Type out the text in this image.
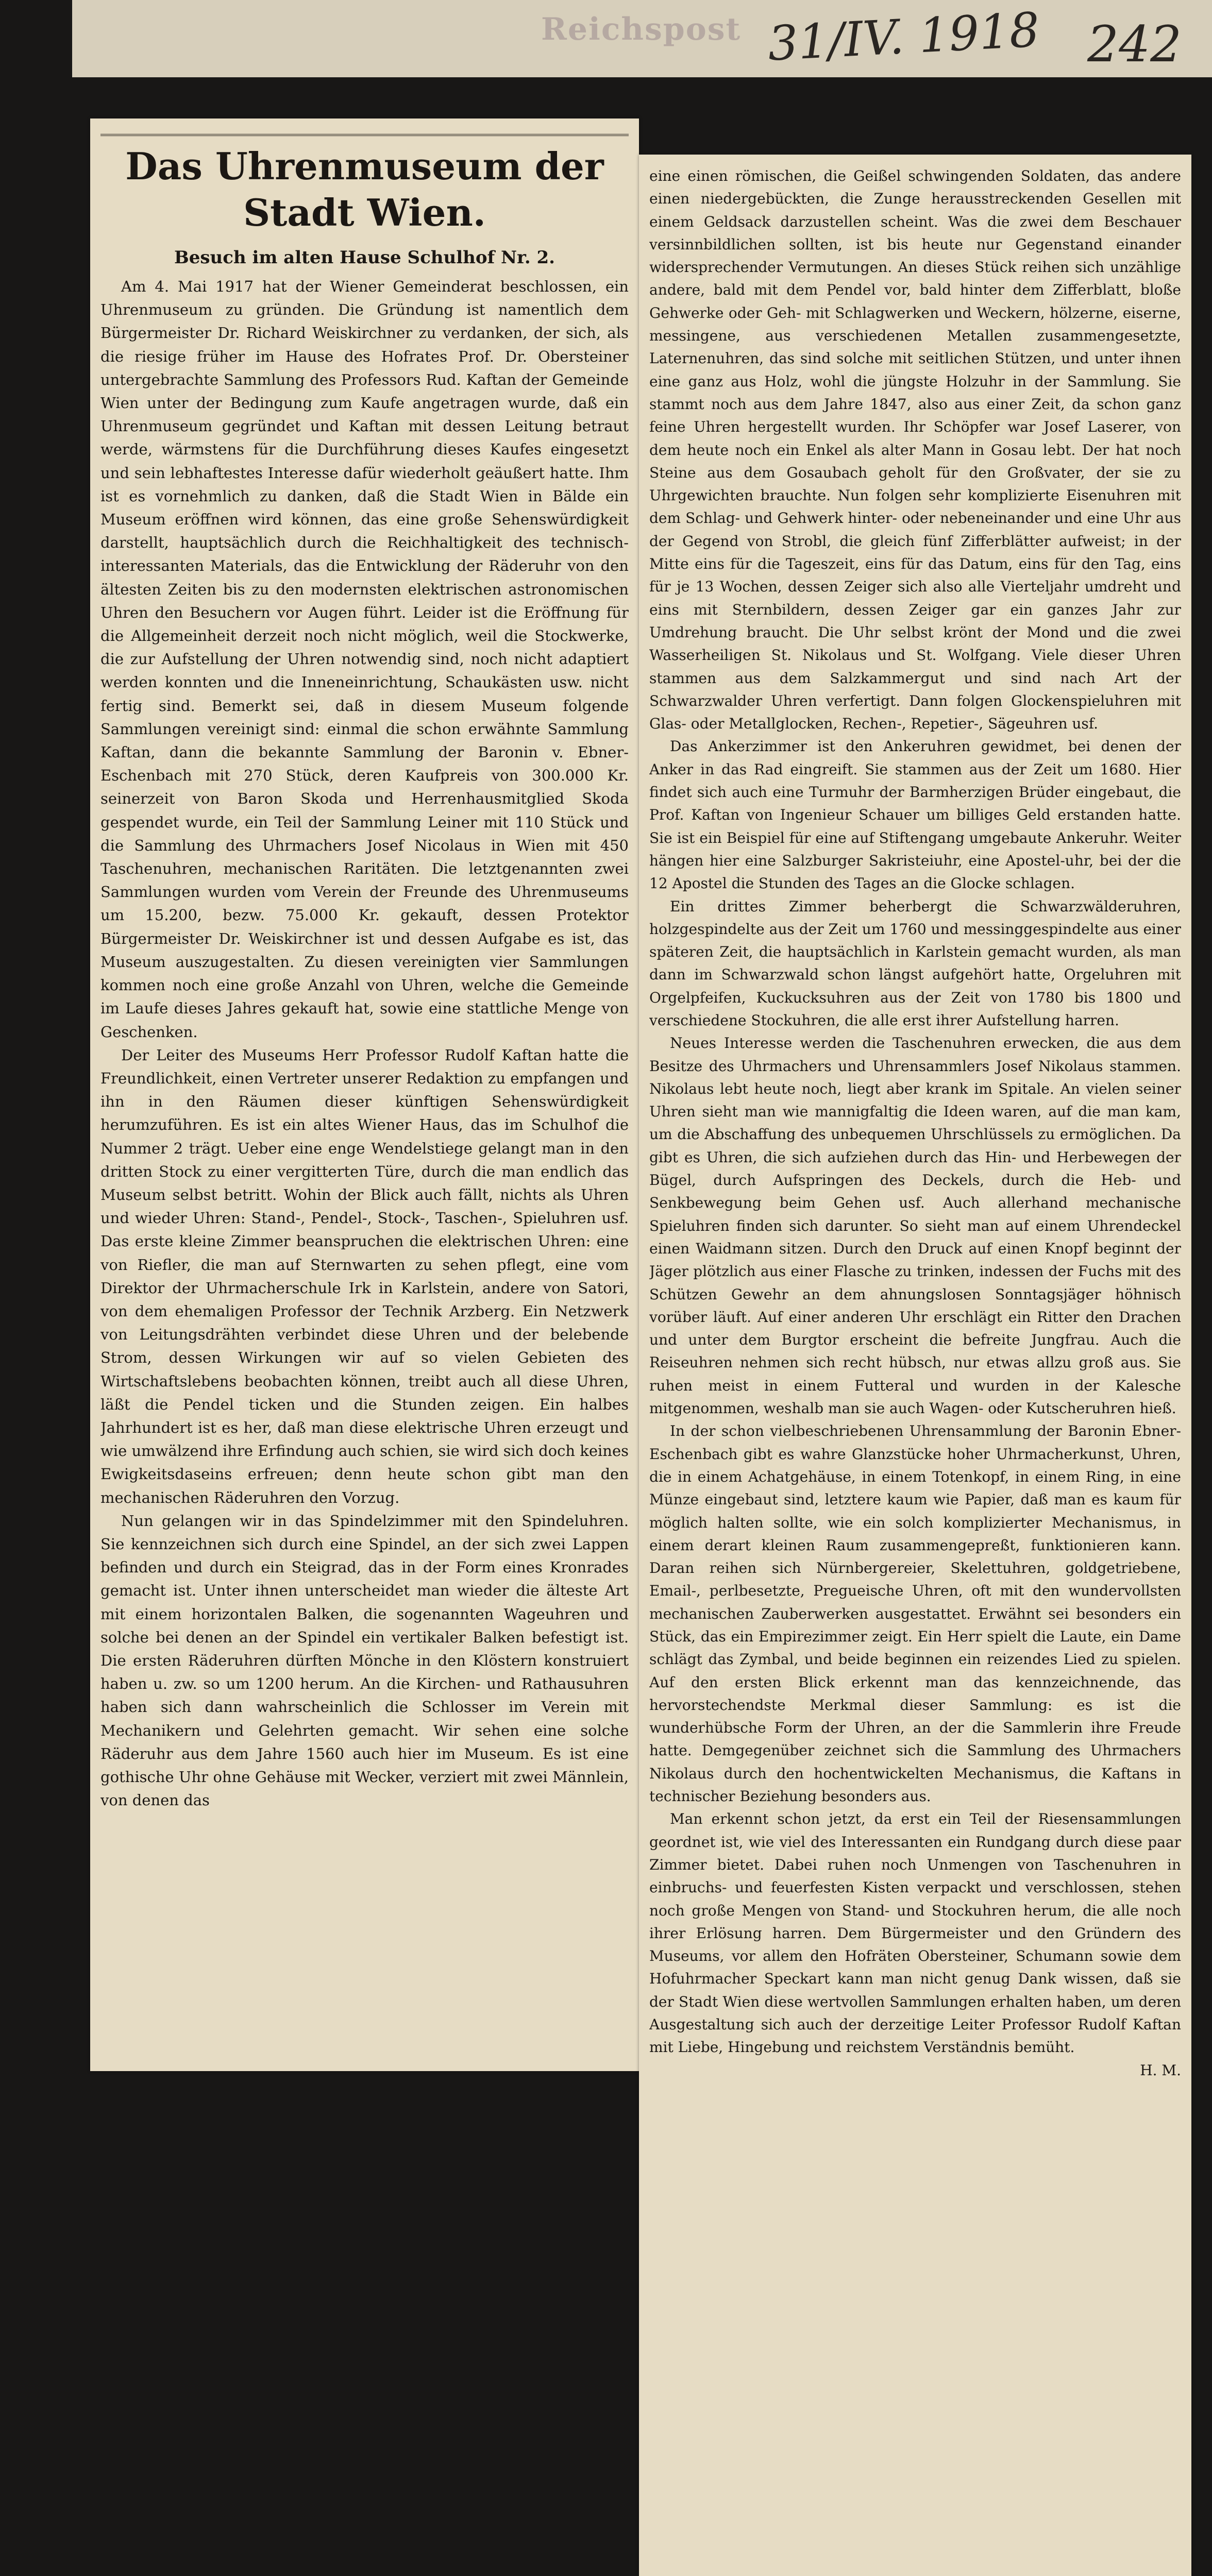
Reichspost 31/IV. 1918 242
Das Uhrenmuseum der Stadt Wien.
Besuch im alten Hause Schulhof Nr. 2.

Am 4. Mai 1917 hat der Wiener Gemeinderat beschlossen, ein Uhrenmuseum zu gründen. Die Gründung ist namentlich dem Bürgermeister Dr. Richard Weiskirchner zu verdanken, der sich, als die riesige früher im Hause des Hofrates Prof. Dr. Obersteiner untergebrachte Sammlung des Professors Rud. Kaftan der Gemeinde Wien unter der Bedingung zum Kaufe angetragen wurde, daß ein Uhrenmuseum gegründet und Kaftan mit dessen Leitung betraut werde, wärmstens für die Durchführung dieses Kaufes eingesetzt und sein lebhaftestes Interesse dafür wiederholt geäußert hatte. Ihm ist es vornehmlich zu danken, daß die Stadt Wien in Bälde ein Museum eröffnen wird können, das eine große Sehenswürdigkeit darstellt, hauptsächlich durch die Reichhaltigkeit des technisch-interessanten Materials, das die Entwicklung der Räderuhr von den ältesten Zeiten bis zu den modernsten elektrischen astronomischen Uhren den Besuchern vor Augen führt. Leider ist die Eröffnung für die Allgemeinheit derzeit noch nicht möglich, weil die Stockwerke, die zur Aufstellung der Uhren notwendig sind, noch nicht adaptiert werden konnten und die Inneneinrichtung, Schaukästen usw. nicht fertig sind. Bemerkt sei, daß in diesem Museum folgende Sammlungen vereinigt sind: einmal die schon erwähnte Sammlung Kaftan, dann die bekannte Sammlung der Baronin v. Ebner-Eschenbach mit 270 Stück, deren Kaufpreis von 300.000 Kr. seinerzeit von Baron Skoda und Herrenhausmitglied Skoda gespendet wurde, ein Teil der Sammlung Leiner mit 110 Stück und die Sammlung des Uhrmachers Josef Nicolaus in Wien mit 450 Taschenuhren, mechanischen Raritäten. Die letztgenannten zwei Sammlungen wurden vom Verein der Freunde des Uhrenmuseums um 15.200, bezw. 75.000 Kr. gekauft, dessen Protektor Bürgermeister Dr. Weiskirchner ist und dessen Aufgabe es ist, das Museum auszugestalten. Zu diesen vereinigten vier Sammlungen kommen noch eine große Anzahl von Uhren, welche die Gemeinde im Laufe dieses Jahres gekauft hat, sowie eine stattliche Menge von Geschenken.

Der Leiter des Museums Herr Professor Rudolf Kaftan hatte die Freundlichkeit, einen Vertreter unserer Redaktion zu empfangen und ihn in den Räumen dieser künftigen Sehenswürdigkeit herumzuführen. Es ist ein altes Wiener Haus, das im Schulhof die Nummer 2 trägt. Ueber eine enge Wendelstiege gelangt man in den dritten Stock zu einer vergitterten Türe, durch die man endlich das Museum selbst betritt. Wohin der Blick auch fällt, nichts als Uhren und wieder Uhren: Stand-, Pendel-, Stock-, Taschen-, Spieluhren usf. Das erste kleine Zimmer beanspruchen die elektrischen Uhren: eine von Riefler, die man auf Sternwarten zu sehen pflegt, eine vom Direktor der Uhrmacherschule Irk in Karlstein, andere von Satori, von dem ehemaligen Professor der Technik Arzberg. Ein Netzwerk von Leitungsdrähten verbindet diese Uhren und der belebende Strom, dessen Wirkungen wir auf so vielen Gebieten des Wirtschaftslebens beobachten können, treibt auch all diese Uhren, läßt die Pendel ticken und die Stunden zeigen. Ein halbes Jahrhundert ist es her, daß man diese elektrische Uhren erzeugt und wie umwälzend ihre Erfindung auch schien, sie wird sich doch keines Ewigkeitsdaseins erfreuen; denn heute schon gibt man den mechanischen Räderuhren den Vorzug.

Nun gelangen wir in das Spindelzimmer mit den Spindeluhren. Sie kennzeichnen sich durch eine Spindel, an der sich zwei Lappen befinden und durch ein Steigrad, das in der Form eines Kronrades gemacht ist. Unter ihnen unterscheidet man wieder die älteste Art mit einem horizontalen Balken, die sogenannten Wageuhren und solche bei denen an der Spindel ein vertikaler Balken befestigt ist. Die ersten Räderuhren dürften Mönche in den Klöstern konstruiert haben u. zw. so um 1200 herum. An die Kirchen- und Rathausuhren haben sich dann wahrscheinlich die Schlosser im Verein mit Mechanikern und Gelehrten gemacht. Wir sehen eine solche Räderuhr aus dem Jahre 1560 auch hier im Museum. Es ist eine gothische Uhr ohne Gehäuse mit Wecker, verziert mit zwei Männlein, von denen das

eine einen römischen, die Geißel schwingenden Soldaten, das andere einen niedergebückten, die Zunge herausstreckenden Gesellen mit einem Geldsack darzustellen scheint. Was die zwei dem Beschauer versinnbildlichen sollten, ist bis heute nur Gegenstand einander widersprechender Vermutungen. An dieses Stück reihen sich unzählige andere, bald mit dem Pendel vor, bald hinter dem Zifferblatt, bloße Gehwerke oder Geh- mit Schlagwerken und Weckern, hölzerne, eiserne, messingene, aus verschiedenen Metallen zusammengesetzte, Laternenuhren, das sind solche mit seitlichen Stützen, und unter ihnen eine ganz aus Holz, wohl die jüngste Holzuhr in der Sammlung. Sie stammt noch aus dem Jahre 1847, also aus einer Zeit, da schon ganz feine Uhren hergestellt wurden. Ihr Schöpfer war Josef Laserer, von dem heute noch ein Enkel als alter Mann in Gosau lebt. Der hat noch Steine aus dem Gosaubach geholt für den Großvater, der sie zu Uhrgewichten brauchte. Nun folgen sehr komplizierte Eisenuhren mit dem Schlag- und Gehwerk hinter- oder nebeneinander und eine Uhr aus der Gegend von Strobl, die gleich fünf Zifferblätter aufweist; in der Mitte eins für die Tageszeit, eins für das Datum, eins für den Tag, eins für je 13 Wochen, dessen Zeiger sich also alle Vierteljahr umdreht und eins mit Sternbildern, dessen Zeiger gar ein ganzes Jahr zur Umdrehung braucht. Die Uhr selbst krönt der Mond und die zwei Wasserheiligen St. Nikolaus und St. Wolfgang. Viele dieser Uhren stammen aus dem Salzkammergut und sind nach Art der Schwarzwalder Uhren verfertigt. Dann folgen Glockenspieluhren mit Glas- oder Metallglocken, Rechen-, Repetier-, Sägeuhren usf.

Das Ankerzimmer ist den Ankeruhren gewidmet, bei denen der Anker in das Rad eingreift. Sie stammen aus der Zeit um 1680. Hier findet sich auch eine Turmuhr der Barmherzigen Brüder eingebaut, die Prof. Kaftan von Ingenieur Schauer um billiges Geld erstanden hatte. Sie ist ein Beispiel für eine auf Stiftengang umgebaute Ankeruhr. Weiter hängen hier eine Salzburger Sakristeiuhr, eine Apostel-uhr, bei der die 12 Apostel die Stunden des Tages an die Glocke schlagen.

Ein drittes Zimmer beherbergt die Schwarzwälderuhren, holzgespindelte aus der Zeit um 1760 und messinggespindelte aus einer späteren Zeit, die hauptsächlich in Karlstein gemacht wurden, als man dann im Schwarzwald schon längst aufgehört hatte, Orgeluhren mit Orgelpfeifen, Kuckucksuhren aus der Zeit von 1780 bis 1800 und verschiedene Stockuhren, die alle erst ihrer Aufstellung harren.

Neues Interesse werden die Taschenuhren erwecken, die aus dem Besitze des Uhrmachers und Uhrensammlers Josef Nikolaus stammen. Nikolaus lebt heute noch, liegt aber krank im Spitale. An vielen seiner Uhren sieht man wie mannigfaltig die Ideen waren, auf die man kam, um die Abschaffung des unbequemen Uhrschlüssels zu ermöglichen. Da gibt es Uhren, die sich aufziehen durch das Hin- und Herbewegen der Bügel, durch Aufspringen des Deckels, durch die Heb- und Senkbewegung beim Gehen usf. Auch allerhand mechanische Spieluhren finden sich darunter. So sieht man auf einem Uhrendeckel einen Waidmann sitzen. Durch den Druck auf einen Knopf beginnt der Jäger plötzlich aus einer Flasche zu trinken, indessen der Fuchs mit des Schützen Gewehr an dem ahnungslosen Sonntagsjäger höhnisch vorüber läuft. Auf einer anderen Uhr erschlägt ein Ritter den Drachen und unter dem Burgtor erscheint die befreite Jungfrau. Auch die Reiseuhren nehmen sich recht hübsch, nur etwas allzu groß aus. Sie ruhen meist in einem Futteral und wurden in der Kalesche mitgenommen, weshalb man sie auch Wagen- oder Kutscheruhren hieß.

In der schon vielbeschriebenen Uhrensammlung der Baronin Ebner-Eschenbach gibt es wahre Glanzstücke hoher Uhrmacherkunst, Uhren, die in einem Achatgehäuse, in einem Totenkopf, in einem Ring, in eine Münze eingebaut sind, letztere kaum wie Papier, daß man es kaum für möglich halten sollte, wie ein solch komplizierter Mechanismus, in einem derart kleinen Raum zusammengepreßt, funktionieren kann. Daran reihen sich Nürnbergereier, Skelettuhren, goldgetriebene, Email-, perlbesetzte, Pregueische Uhren, oft mit den wundervollsten mechanischen Zauberwerken ausgestattet. Erwähnt sei besonders ein Stück, das ein Empirezimmer zeigt. Ein Herr spielt die Laute, ein Dame schlägt das Zymbal, und beide beginnen ein reizendes Lied zu spielen. Auf den ersten Blick erkennt man das kennzeichnende, das hervorstechendste Merkmal dieser Sammlung: es ist die wunderhübsche Form der Uhren, an der die Sammlerin ihre Freude hatte. Demgegenüber zeichnet sich die Sammlung des Uhrmachers Nikolaus durch den hochentwickelten Mechanismus, die Kaftans in technischer Beziehung besonders aus.

Man erkennt schon jetzt, da erst ein Teil der Riesensammlungen geordnet ist, wie viel des Interessanten ein Rundgang durch diese paar Zimmer bietet. Dabei ruhen noch Unmengen von Taschenuhren in einbruchs- und feuerfesten Kisten verpackt und verschlossen, stehen noch große Mengen von Stand- und Stockuhren herum, die alle noch ihrer Erlösung harren. Dem Bürgermeister und den Gründern des Museums, vor allem den Hofräten Obersteiner, Schumann sowie dem Hofuhrmacher Speckart kann man nicht genug Dank wissen, daß sie der Stadt Wien diese wertvollen Sammlungen erhalten haben, um deren Ausgestaltung sich auch der derzeitige Leiter Professor Rudolf Kaftan mit Liebe, Hingebung und reichstem Verständnis bemüht.

H. M.
